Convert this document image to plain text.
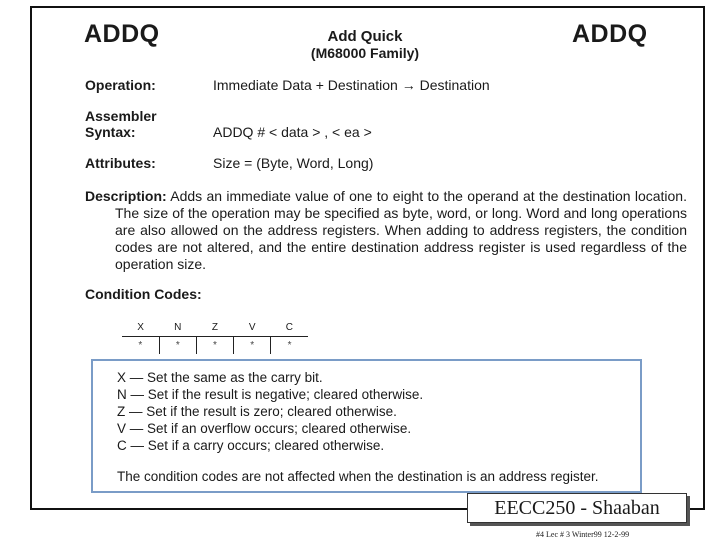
ADDQ	ADDQ
Add Quick
(M68000 Family)
Operation:	Immediate Data + Destination → Destination
Assembler
Syntax:	ADDQ # < data > , < ea >
Attributes:	Size = (Byte, Word, Long)
Description: Adds an immediate value of one to eight to the operand at the destination location. The size of the operation may be specified as byte, word, or long. Word and long operations are also allowed on the address registers. When adding to address registers, the condition codes are not altered, and the entire destination address register is used regardless of the operation size.
Condition Codes:
X	N	Z	V	C
*	*	*	*	*
X — Set the same as the carry bit.
N — Set if the result is negative; cleared otherwise.
Z — Set if the result is zero; cleared otherwise.
V — Set if an overflow occurs; cleared otherwise.
C — Set if a carry occurs; cleared otherwise.
The condition codes are not affected when the destination is an address register.
EECC250 - Shaaban
#4 Lec # 3 Winter99 12-2-99
